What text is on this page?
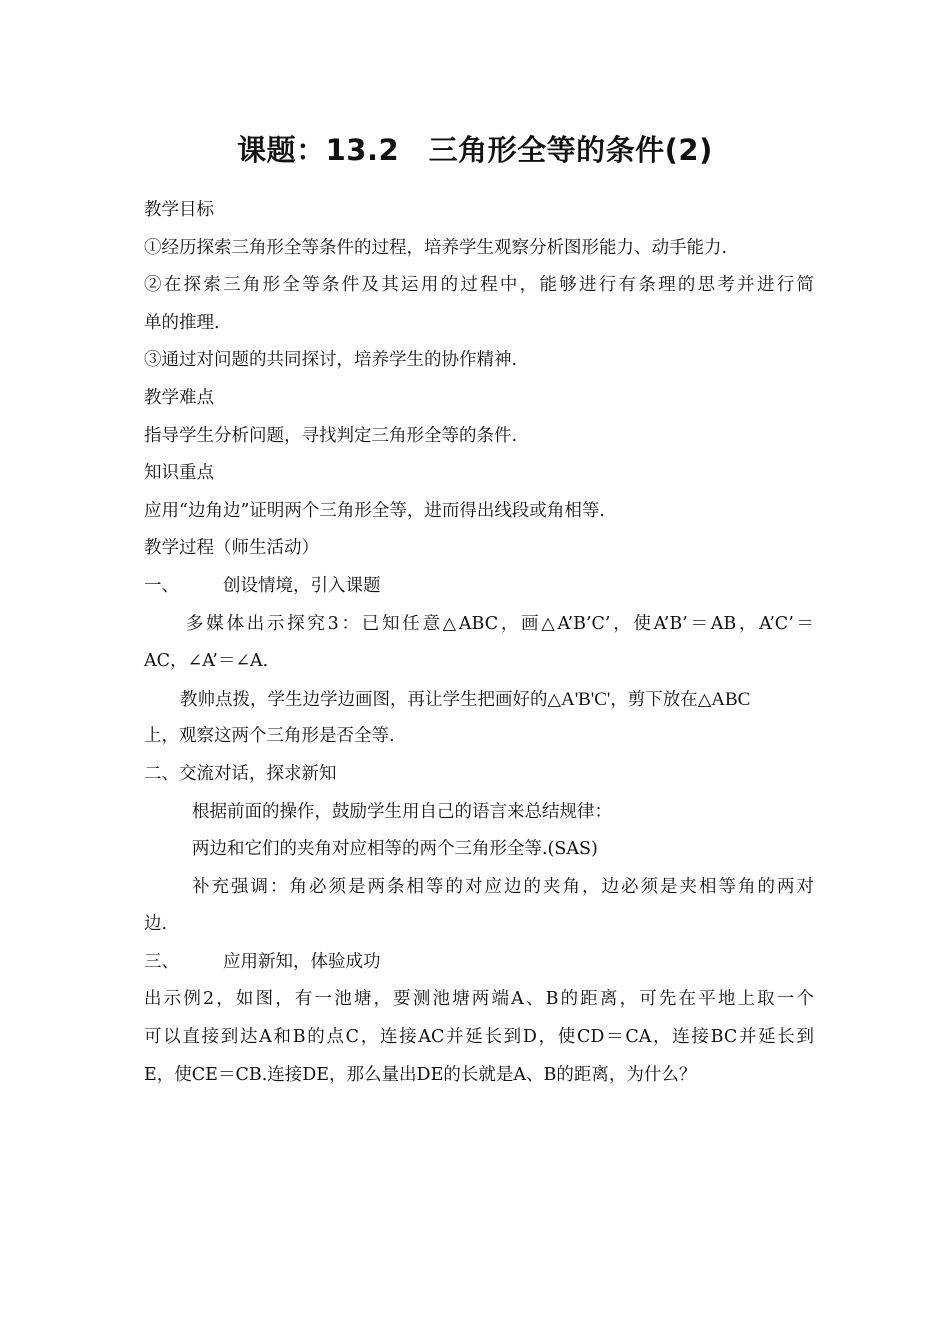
课题：13.2　三角形全等的条件(2)
教学目标
①经历探索三角形全等条件的过程，培养学生观察分析图形能力、动手能力.
②在探索三角形全等条件及其运用的过程中，能够进行有条理的思考并进行简
单的推理.
③通过对问题的共同探讨，培养学生的协作精神.
教学难点
指导学生分析问题，寻找判定三角形全等的条件.
知识重点
应用“边角边”证明两个三角形全等，进而得出线段或角相等.
教学过程（师生活动）
一、	创设情境，引入课题
多媒体出示探究3：已知任意△ABC，画△A’B’C’，使A’B’＝AB，A’C’＝
AC，∠A’＝∠A.
教帅点拨，学生边学边画图，再让学生把画好的△A'B'C'，剪下放在△ABC
上，观察这两个三角形是否全等.
二、交流对话，探求新知
根据前面的操作，鼓励学生用自己的语言来总结规律：
两边和它们的夹角对应相等的两个三角形全等.(SAS)
补充强调：角必须是两条相等的对应边的夹角，边必须是夹相等角的两对
边.
三、	应用新知，体验成功
出示例2，如图，有一池塘，要测池塘两端A、B的距离，可先在平地上取一个
可以直接到达A和B的点C，连接AC并延长到D，使CD＝CA，连接BC并延长到
E，使CE＝CB.连接DE，那么量出DE的长就是A、B的距离，为什么？
